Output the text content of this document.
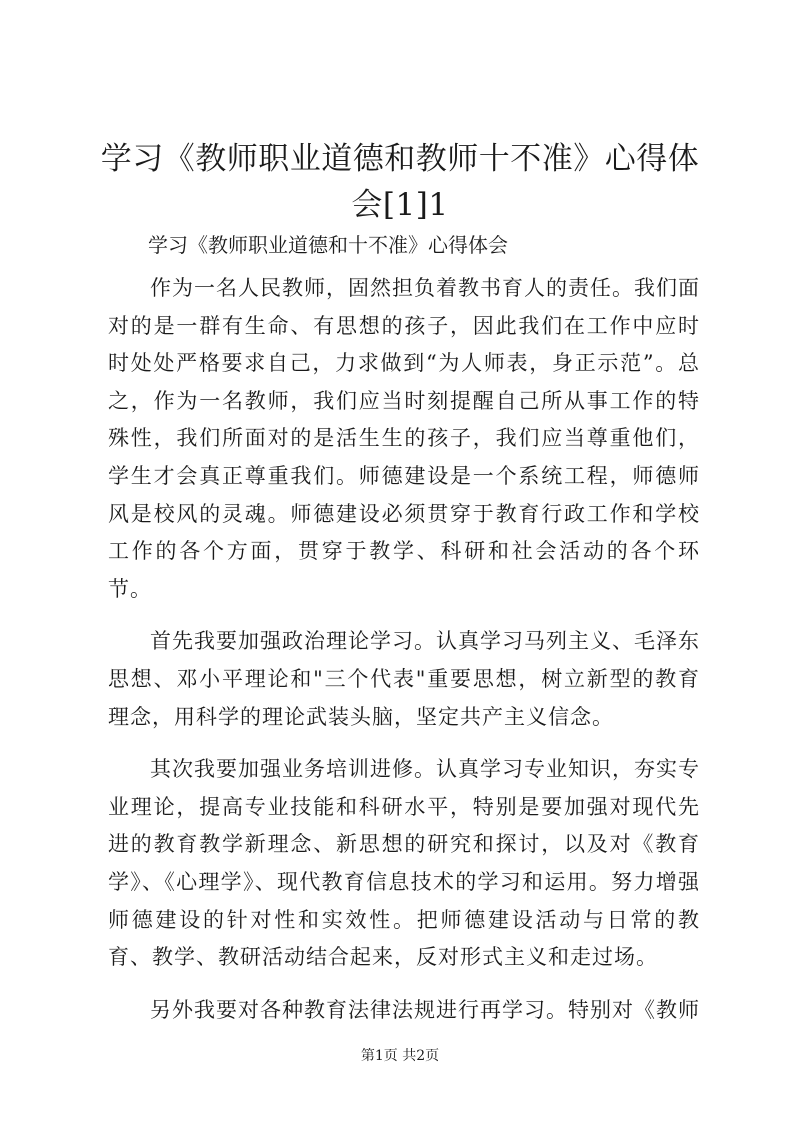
学习《教师职业道德和教师十不准》心得体会[1]1

学习《教师职业道德和十不准》心得体会

作为一名人民教师，固然担负着教书育人的责任。我们面对的是一群有生命、有思想的孩子，因此我们在工作中应时时处处严格要求自己，力求做到“为人师表，身正示范”。总之，作为一名教师，我们应当时刻提醒自己所从事工作的特殊性，我们所面对的是活生生的孩子，我们应当尊重他们，学生才会真正尊重我们。师德建设是一个系统工程，师德师风是校风的灵魂。师德建设必须贯穿于教育行政工作和学校工作的各个方面，贯穿于教学、科研和社会活动的各个环节。

首先我要加强政治理论学习。认真学习马列主义、毛泽东思想、邓小平理论和"三个代表"重要思想，树立新型的教育理念，用科学的理论武装头脑，坚定共产主义信念。

其次我要加强业务培训进修。认真学习专业知识，夯实专业理论，提高专业技能和科研水平，特别是要加强对现代先进的教育教学新理念、新思想的研究和探讨，以及对《教育学》、《心理学》、现代教育信息技术的学习和运用。努力增强师德建设的针对性和实效性。把师德建设活动与日常的教育、教学、教研活动结合起来，反对形式主义和走过场。

另外我要对各种教育法律法规进行再学习。特别对《教师

第1页 共2页
